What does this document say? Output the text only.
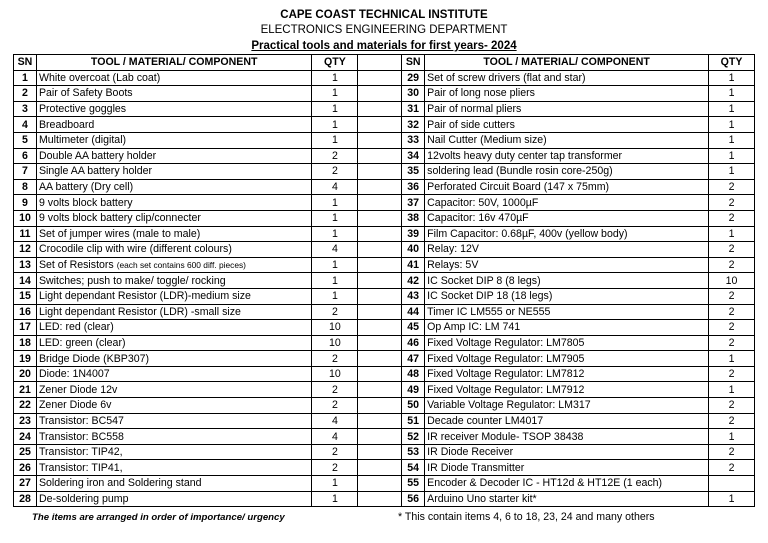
CAPE COAST TECHNICAL INSTITUTE
ELECTRONICS ENGINEERING DEPARTMENT
Practical tools and materials for first years- 2024
SN	TOOL / MATERIAL/ COMPONENT	QTY		SN	TOOL / MATERIAL/ COMPONENT	QTY
1	White overcoat (Lab coat)	1		29	Set of screw drivers (flat and star)	1
2	Pair of Safety Boots	1		30	Pair of long nose pliers	1
3	Protective goggles	1		31	Pair of normal pliers	1
4	Breadboard	1		32	Pair of side cutters	1
5	Multimeter (digital)	1		33	Nail Cutter (Medium size)	1
6	Double AA battery holder	2		34	12volts heavy duty center tap transformer	1
7	Single AA battery holder	2		35	soldering lead (Bundle rosin core-250g)	1
8	AA battery (Dry cell)	4		36	Perforated Circuit Board (147 x 75mm)	2
9	9 volts block battery	1		37	Capacitor: 50V, 1000µF	2
10	9 volts block battery clip/connecter	1		38	Capacitor: 16v 470µF	2
11	Set of jumper wires (male to male)	1		39	Film Capacitor: 0.68µF, 400v (yellow body)	1
12	Crocodile clip with wire (different colours)	4		40	Relay: 12V	2
13	Set of Resistors (each set contains 600 diff. pieces)	1		41	Relays: 5V	2
14	Switches; push to make/ toggle/ rocking	1		42	IC Socket DIP 8 (8 legs)	10
15	Light dependant Resistor (LDR)-medium size	1		43	IC Socket DIP 18 (18 legs)	2
16	Light dependant Resistor (LDR) -small size	2		44	Timer IC LM555 or NE555	2
17	LED: red (clear)	10		45	Op Amp IC: LM 741	2
18	LED: green (clear)	10		46	Fixed Voltage Regulator: LM7805	2
19	Bridge Diode (KBP307)	2		47	Fixed Voltage Regulator: LM7905	1
20	Diode: 1N4007	10		48	Fixed Voltage Regulator: LM7812	2
21	Zener Diode 12v	2		49	Fixed Voltage Regulator: LM7912	1
22	Zener Diode 6v	2		50	Variable Voltage Regulator: LM317	2
23	Transistor: BC547	4		51	Decade counter LM4017	2
24	Transistor: BC558	4		52	IR receiver Module- TSOP 38438	1
25	Transistor: TIP42,	2		53	IR Diode Receiver	2
26	Transistor: TIP41,	2		54	IR Diode Transmitter	2
27	Soldering iron and Soldering stand	1		55	Encoder & Decoder IC - HT12d & HT12E (1 each)	
28	De-soldering pump	1		56	Arduino Uno starter kit*	1
The items are arranged in order of importance/ urgency	* This contain items 4, 6 to 18, 23, 24 and many others
